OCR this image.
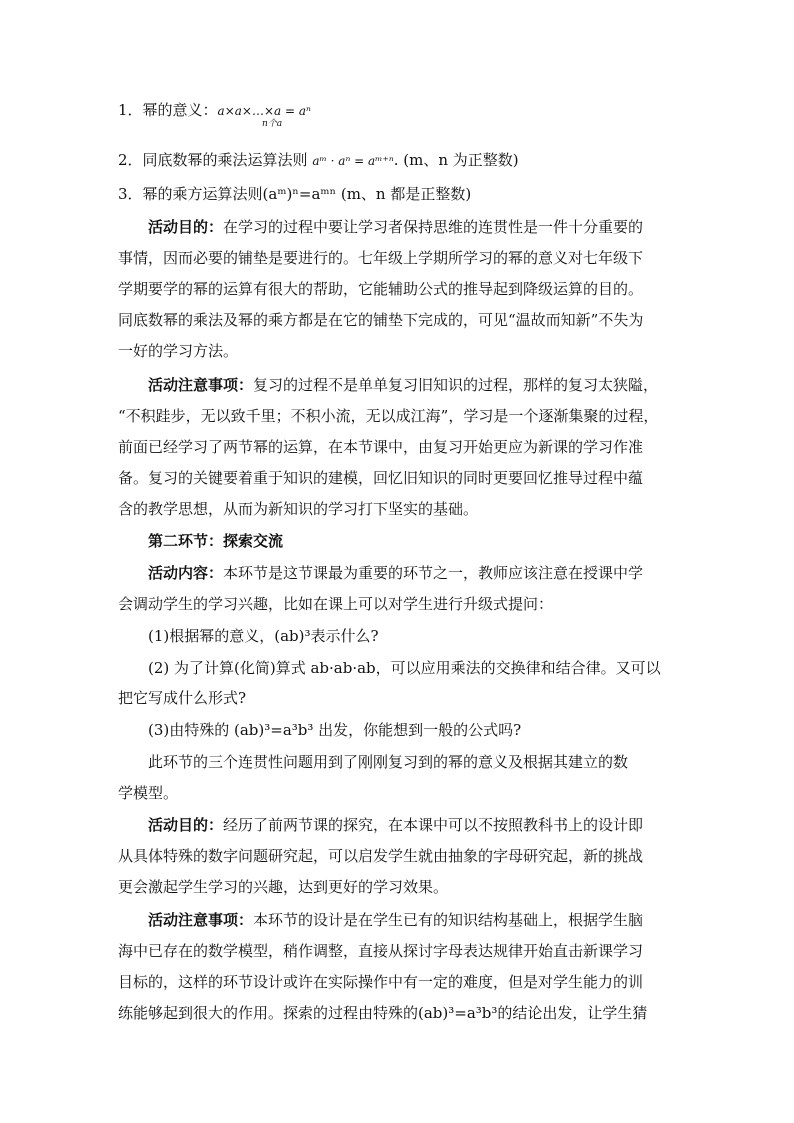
1．幂的意义：a×a×…×a = aⁿ
n个a
2．同底数幂的乘法运算法则 aᵐ · aⁿ = aᵐ⁺ⁿ. (m、n 为正整数)
3．幂的乘方运算法则(aᵐ)ⁿ=aᵐⁿ (m、n 都是正整数)
活动目的：在学习的过程中要让学习者保持思维的连贯性是一件十分重要的
事情，因而必要的铺垫是要进行的。七年级上学期所学习的幂的意义对七年级下
学期要学的幂的运算有很大的帮助，它能辅助公式的推导起到降级运算的目的。
同底数幂的乘法及幂的乘方都是在它的铺垫下完成的，可见“温故而知新”不失为
一好的学习方法。
活动注意事项：复习的过程不是单单复习旧知识的过程，那样的复习太狭隘，
“不积跬步，无以致千里；不积小流，无以成江海”，学习是一个逐渐集聚的过程，
前面已经学习了两节幂的运算，在本节课中，由复习开始更应为新课的学习作准
备。复习的关键要着重于知识的建模，回忆旧知识的同时更要回忆推导过程中蕴
含的教学思想，从而为新知识的学习打下坚实的基础。
第二环节：探索交流
活动内容：本环节是这节课最为重要的环节之一，教师应该注意在授课中学
会调动学生的学习兴趣，比如在课上可以对学生进行升级式提问：
(1)根据幂的意义，(ab)³表示什么?
(2) 为了计算(化简)算式 ab·ab·ab，可以应用乘法的交换律和结合律。又可以
把它写成什么形式?
(3)由特殊的 (ab)³=a³b³ 出发，你能想到一般的公式吗?
此环节的三个连贯性问题用到了刚刚复习到的幂的意义及根据其建立的数
学模型。
活动目的：经历了前两节课的探究，在本课中可以不按照教科书上的设计即
从具体特殊的数字问题研究起，可以启发学生就由抽象的字母研究起，新的挑战
更会激起学生学习的兴趣，达到更好的学习效果。
活动注意事项：本环节的设计是在学生已有的知识结构基础上，根据学生脑
海中已存在的数学模型，稍作调整，直接从探讨字母表达规律开始直击新课学习
目标的，这样的环节设计或许在实际操作中有一定的难度，但是对学生能力的训
练能够起到很大的作用。探索的过程由特殊的(ab)³=a³b³的结论出发，让学生猜
